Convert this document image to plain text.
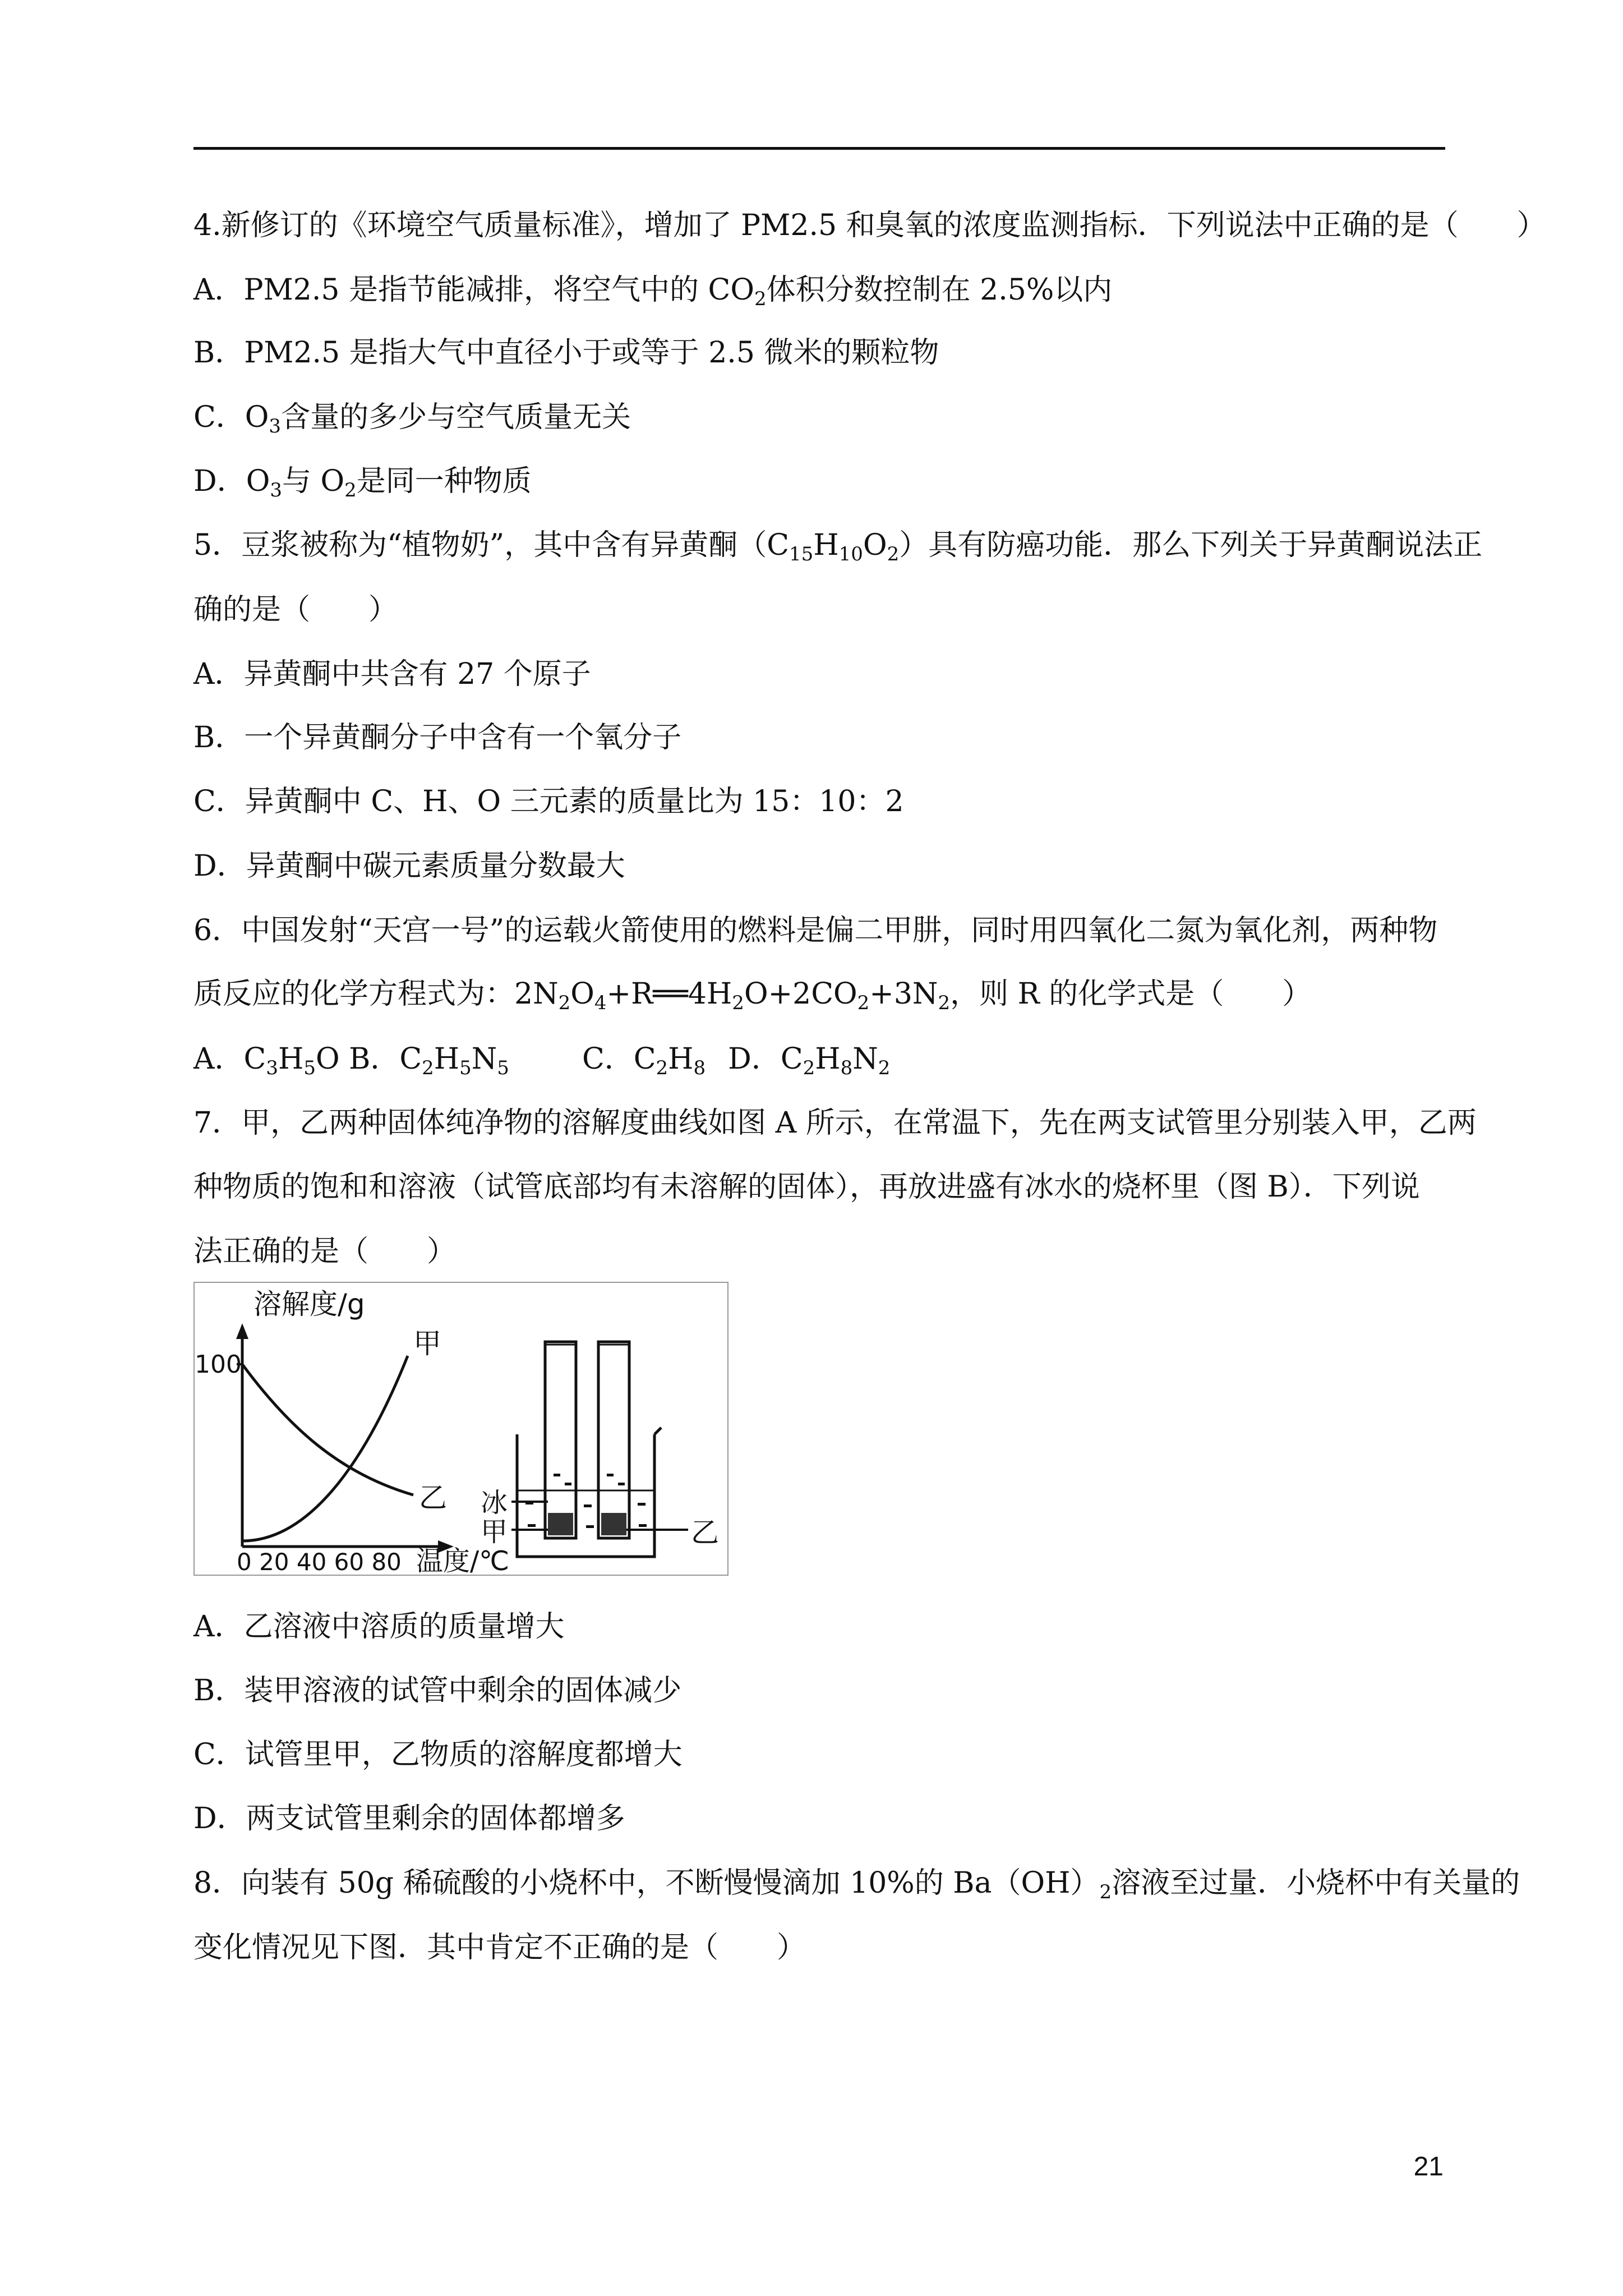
4.新修订的《环境空气质量标准》，增加了 PM2.5 和臭氧的浓度监测指标．下列说法中正确的是（　　）
A．PM2.5 是指节能减排，将空气中的 $CO_2$体积分数控制在 2.5%以内
B．PM2.5 是指大气中直径小于或等于 2.5 微米的颗粒物
C．$O_3$含量的多少与空气质量无关
D．$O_3$与 $O_2$是同一种物质
5．豆浆被称为“植物奶”，其中含有异黄酮$(C_{15}H_{10}O_2)$具有防癌功能．那么下列关于异黄酮说法正
确的是（　　）
A．异黄酮中共含有 27 个原子
B．一个异黄酮分子中含有一个氧分子
C．异黄酮中 C、H、O 三元素的质量比为 15：10：2
D．异黄酮中碳元素质量分数最大
6．中国发射“天宫一号”的运载火箭使用的燃料是偏二甲肼，同时用四氧化二氮为氧化剂，两种物
质反应的化学方程式为：$2N_2O_4+R══4H_2O+2CO_2+3N_2$，则 R 的化学式是（　　）
A．$C_3H_5O$ B．$C_2H_5N_5$	C．$C_2H_8$ D．$C_2H_8N_2$
7．甲，乙两种固体纯净物的溶解度曲线如图 A 所示，在常温下，先在两支试管里分别装入甲，乙两
种物质的饱和和溶液（试管底部均有未溶解的固体），再放进盛有冰水的烧杯里（图 B）．下列说
法正确的是（　　）
溶解度/g
100
甲
乙
0 20 40 60 80 温度/℃
冰
甲	乙
A．乙溶液中溶质的质量增大
B．装甲溶液的试管中剩余的固体减少
C．试管里甲，乙物质的溶解度都增大
D．两支试管里剩余的固体都增多
8．向装有 50g 稀硫酸的小烧杯中，不断慢慢滴加 10%的 $Ba(OH)_2$溶液至过量．小烧杯中有关量的
变化情况见下图．其中肯定不正确的是（　　）
21
